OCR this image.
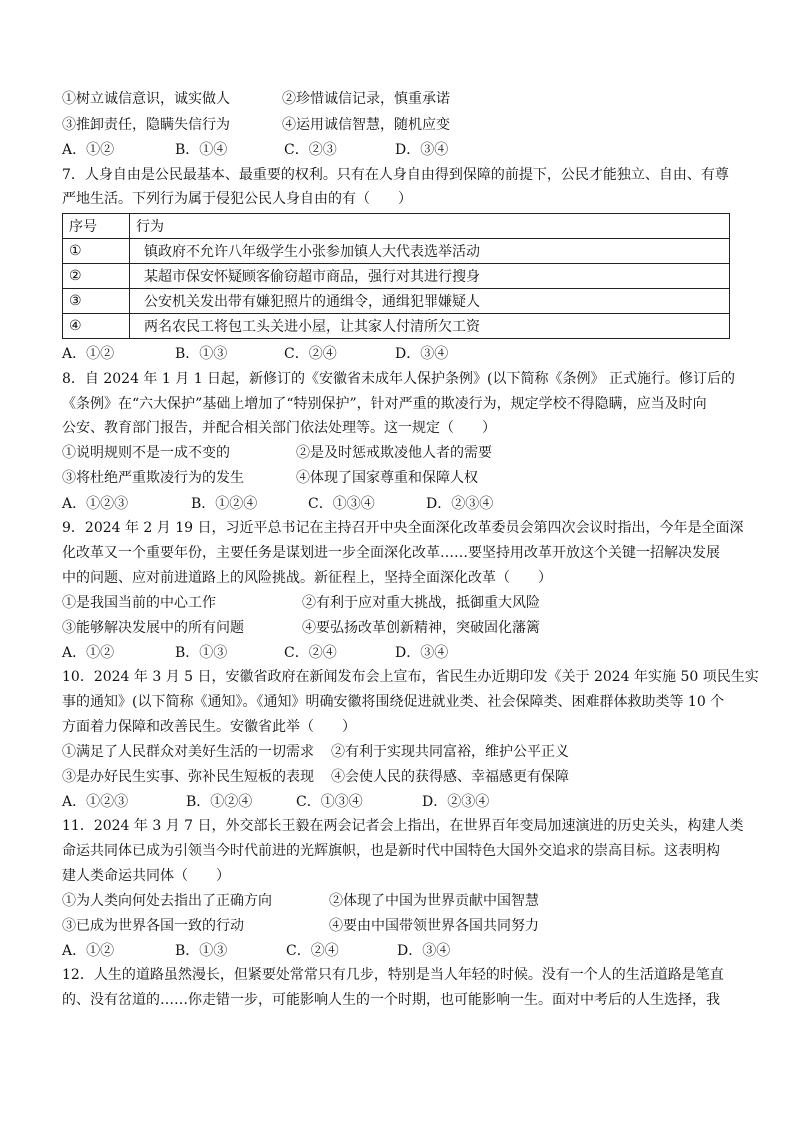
①树立诚信意识，诚实做人	②珍惜诚信记录，慎重承诺
③推卸责任，隐瞒失信行为	④运用诚信智慧，随机应变
A．①②	B．①④	C．②③	D．③④
7．人身自由是公民最基本、最重要的权利。只有在人身自由得到保障的前提下，公民才能独立、自由、有尊
严地生活。下列行为属于侵犯公民人身自由的有（　　）
序号	行为
①	镇政府不允许八年级学生小张参加镇人大代表选举活动
②	某超市保安怀疑顾客偷窃超市商品，强行对其进行搜身
③	公安机关发出带有嫌犯照片的通缉令，通缉犯罪嫌疑人
④	两名农民工将包工头关进小屋，让其家人付清所欠工资
A．①②	B．①③	C．②④	D．③④
8．自 2024 年 1 月 1 日起，新修订的《安徽省未成年人保护条例》(以下简称《条例》 正式施行。修订后的
《条例》在“六大保护”基础上增加了“特别保护”，针对严重的欺凌行为，规定学校不得隐瞒，应当及时向
公安、教育部门报告，并配合相关部门依法处理等。这一规定（　　）
①说明规则不是一成不变的	②是及时惩戒欺凌他人者的需要
③将杜绝严重欺凌行为的发生	④体现了国家尊重和保障人权
A．①②③	B．①②④	C．①③④	D．②③④
9．2024 年 2 月 19 日，习近平总书记在主持召开中央全面深化改革委员会第四次会议时指出，今年是全面深
化改革又一个重要年份，主要任务是谋划进一步全面深化改革……要坚持用改革开放这个关键一招解决发展
中的问题、应对前进道路上的风险挑战。新征程上，坚持全面深化改革（　　）
①是我国当前的中心工作	②有利于应对重大挑战，抵御重大风险
③能够解决发展中的所有问题	④要弘扬改革创新精神，突破固化藩篱
A．①②	B．①③	C．②④	D．③④
10．2024 年 3 月 5 日，安徽省政府在新闻发布会上宣布，省民生办近期印发《关于 2024 年实施 50 项民生实
事的通知》(以下简称《通知》。《通知》明确安徽将围绕促进就业类、社会保障类、困难群体救助类等 10 个
方面着力保障和改善民生。安徽省此举（　　）
①满足了人民群众对美好生活的一切需求 ②有利于实现共同富裕，维护公平正义
③是办好民生实事、弥补民生短板的表现 ④会使人民的获得感、幸福感更有保障
A．①②③	B．①②④	C．①③④	D．②③④
11．2024 年 3 月 7 日，外交部长王毅在两会记者会上指出，在世界百年变局加速演进的历史关头，构建人类
命运共同体已成为引领当今时代前进的光辉旗帜，也是新时代中国特色大国外交追求的崇高目标。这表明构
建人类命运共同体（　　）
①为人类向何处去指出了正确方向	②体现了中国为世界贡献中国智慧
③已成为世界各国一致的行动	④要由中国带领世界各国共同努力
A．①②	B．①③	C．②④	D．③④
12．人生的道路虽然漫长，但紧要处常常只有几步，特别是当人年轻的时候。没有一个人的生活道路是笔直
的、没有岔道的……你走错一步，可能影响人生的一个时期，也可能影响一生。面对中考后的人生选择，我
